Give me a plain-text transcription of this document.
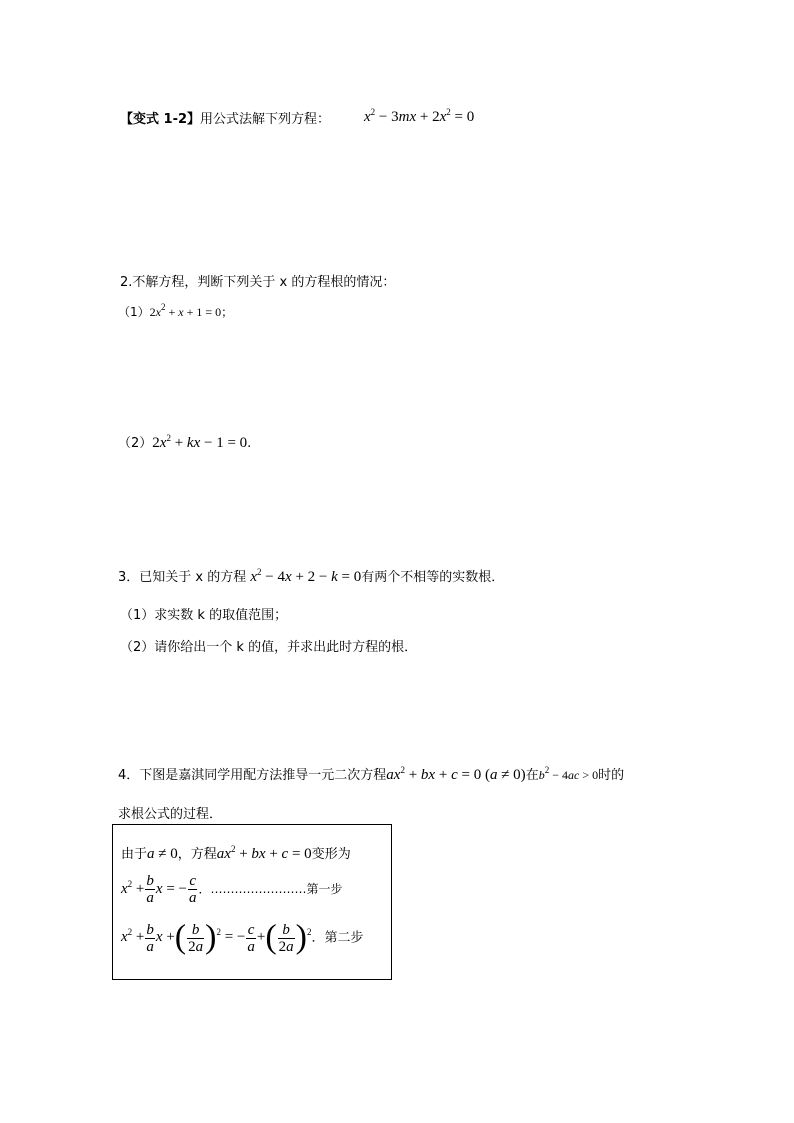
【变式 1-2】用公式法解下列方程： $x^2 - 3mx + 2x^2 = 0$
2.不解方程，判断下列关于 x 的方程根的情况：
$(1)2x^2 + x + 1 = 0$；
$(2)2x^2$ + kx − 1 = 0.
3．已知关于 x 的方程 $x^2 - 4x + 2 - k = 0$有两个不相等的实数根．
（1）求实数 k 的取值范围；
（2）请你给出一个 k 的值，并求出此时方程的根．
4．下图是嘉淇同学用配方法推导一元二次方程$ax^2$ + bx + c = 0 (a ≠ 0)在$b^2 - 4ac > 0$时的
求根公式的过程．
由于a ≠ 0，方程$ax^2$ + bx + c = 0变形为
$x^2 + \frac{b}{a}$ x = − $\frac{c}{a}$ ．……………………第一步
$x^2 + \frac{b}{a}$ x +( $\frac{b}{2a} )^2$ = − $\frac{c}{a}$ +( $\frac{b}{2a} )^2$．第二步
